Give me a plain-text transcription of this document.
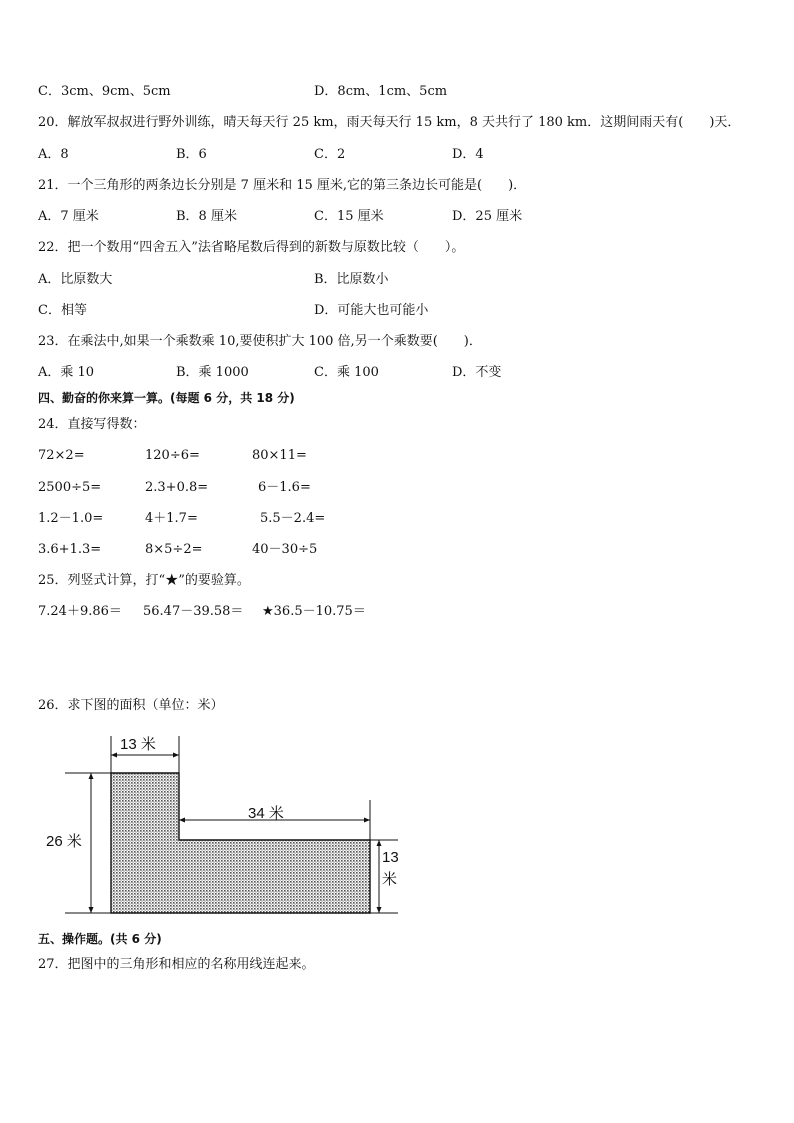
C．3cm、9cm、5cm	D．8cm、1cm、5cm
20．解放军叔叔进行野外训练，晴天每天行 25 km，雨天每天行 15 km，8 天共行了 180 km．这期间雨天有(　　)天．
A．8	B．6	C．2	D．4
21．一个三角形的两条边长分别是 7 厘米和 15 厘米,它的第三条边长可能是(　　)．
A．7 厘米	B．8 厘米	C．15 厘米	D．25 厘米
22．把一个数用“四舍五入”法省略尾数后得到的新数与原数比较（　　）。
A．比原数大	B．比原数小
C．相等	D．可能大也可能小
23．在乘法中,如果一个乘数乘 10,要使积扩大 100 倍,另一个乘数要(　　)．
A．乘 10	B．乘 1000	C．乘 100	D．不变
四、勤奋的你来算一算。(每题 6 分，共 18 分)
24．直接写得数：
72×2=	120÷6=	80×11=
2500÷5=	2.3+0.8=	6－1.6=
1.2－1.0=	4＋1.7=	5.5－2.4=
3.6+1.3=	8×5÷2=	40－30÷5
25．列竖式计算，打“★”的要验算。
7.24＋9.86＝ 56.47－39.58＝ ★36.5－10.75＝
26．求下图的面积（单位：米）
13 米
26 米
34 米
13
米
五、操作题。(共 6 分)
27．把图中的三角形和相应的名称用线连起来。
